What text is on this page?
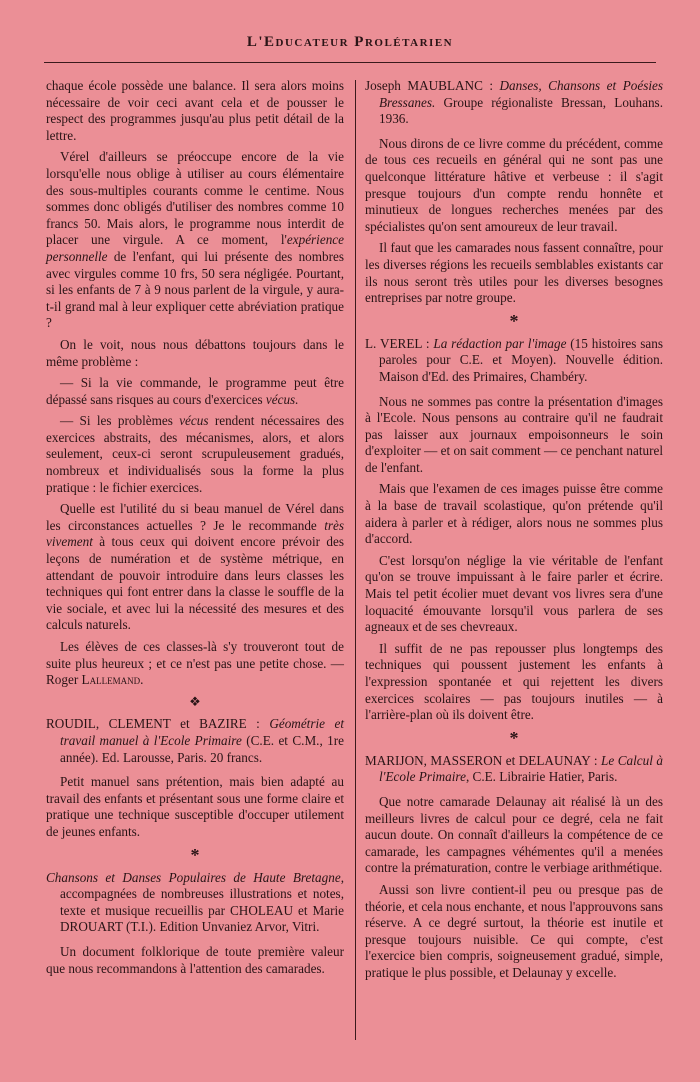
L'Educateur Prolétarien

chaque école possède une balance. Il sera alors moins nécessaire de voir ceci avant cela et de pousser le respect des programmes jusqu'au plus petit détail de la lettre.

Vérel d'ailleurs se préoccupe encore de la vie lorsqu'elle nous oblige à utiliser au cours élémentaire des sous-multiples courants comme le centime. Nous sommes donc obligés d'utiliser des nombres comme 10 francs 50. Mais alors, le programme nous interdit de placer une virgule. A ce moment, l'expérience personnelle de l'enfant, qui lui présente des nombres avec virgules comme 10 frs, 50 sera négligée. Pourtant, si les enfants de 7 à 9 nous parlent de la virgule, y aura-t-il grand mal à leur expliquer cette abréviation pratique ?

On le voit, nous nous débattons toujours dans le même problème :

— Si la vie commande, le programme peut être dépassé sans risques au cours d'exercices vécus.

— Si les problèmes vécus rendent nécessaires des exercices abstraits, des mécanismes, alors, et alors seulement, ceux-ci seront scrupuleusement gradués, nombreux et individualisés sous la forme la plus pratique : le fichier exercices.

Quelle est l'utilité du si beau manuel de Vérel dans les circonstances actuelles ? Je le recommande très vivement à tous ceux qui doivent encore prévoir des leçons de numération et de système métrique, en attendant de pouvoir introduire dans leurs classes les techniques qui font entrer dans la classe le souffle de la vie sociale, et avec lui la nécessité des mesures et des calculs naturels.

Les élèves de ces classes-là s'y trouveront tout de suite plus heureux ; et ce n'est pas une petite chose. — Roger Lallemand.

❖

ROUDIL, CLEMENT et BAZIRE : Géométrie et travail manuel à l'Ecole Primaire (C.E. et C.M., 1re année). Ed. Larousse, Paris. 20 francs.

Petit manuel sans prétention, mais bien adapté au travail des enfants et présentant sous une forme claire et pratique une technique susceptible d'occuper utilement de jeunes enfants.

*

Chansons et Danses Populaires de Haute Bretagne, accompagnées de nombreuses illustrations et notes, texte et musique recueillis par CHOLEAU et Marie DROUART (T.I.). Edition Unvaniez Arvor, Vitri.

Un document folklorique de toute première valeur que nous recommandons à l'attention des camarades.

Joseph MAUBLANC : Danses, Chansons et Poésies Bressanes. Groupe régionaliste Bressan, Louhans. 1936.

Nous dirons de ce livre comme du précédent, comme de tous ces recueils en général qui ne sont pas une quelconque littérature hâtive et verbeuse : il s'agit presque toujours d'un compte rendu honnête et minutieux de longues recherches menées par des spécialistes qu'on sent amoureux de leur travail.

Il faut que les camarades nous fassent connaître, pour les diverses régions les recueils semblables existants car ils nous seront très utiles pour les diverses besognes entreprises par notre groupe.

*

L. VEREL : La rédaction par l'image (15 histoires sans paroles pour C.E. et Moyen). Nouvelle édition. Maison d'Ed. des Primaires, Chambéry.

Nous ne sommes pas contre la présentation d'images à l'Ecole. Nous pensons au contraire qu'il ne faudrait pas laisser aux journaux empoisonneurs le soin d'exploiter — et on sait comment — ce penchant naturel de l'enfant.

Mais que l'examen de ces images puisse être comme à la base de travail scolastique, qu'on prétende qu'il aidera à parler et à rédiger, alors nous ne sommes plus d'accord.

C'est lorsqu'on néglige la vie véritable de l'enfant qu'on se trouve impuissant à le faire parler et écrire. Mais tel petit écolier muet devant vos livres sera d'une loquacité émouvante lorsqu'il vous parlera de ses agneaux et de ses chevreaux.

Il suffit de ne pas repousser plus longtemps des techniques qui poussent justement les enfants à l'expression spontanée et qui rejettent les divers exercices scolaires — pas toujours inutiles — à l'arrière-plan où ils doivent être.

*

MARIJON, MASSERON et DELAUNAY : Le Calcul à l'Ecole Primaire, C.E. Librairie Hatier, Paris.

Que notre camarade Delaunay ait réalisé là un des meilleurs livres de calcul pour ce degré, cela ne fait aucun doute. On connaît d'ailleurs la compétence de ce camarade, les campagnes véhémentes qu'il a menées contre la prématuration, contre le verbiage arithmétique.

Aussi son livre contient-il peu ou presque pas de théorie, et cela nous enchante, et nous l'approuvons sans réserve. A ce degré surtout, la théorie est inutile et presque toujours nuisible. Ce qui compte, c'est l'exercice bien compris, soigneusement gradué, simple, pratique le plus possible, et Delaunay y excelle.
